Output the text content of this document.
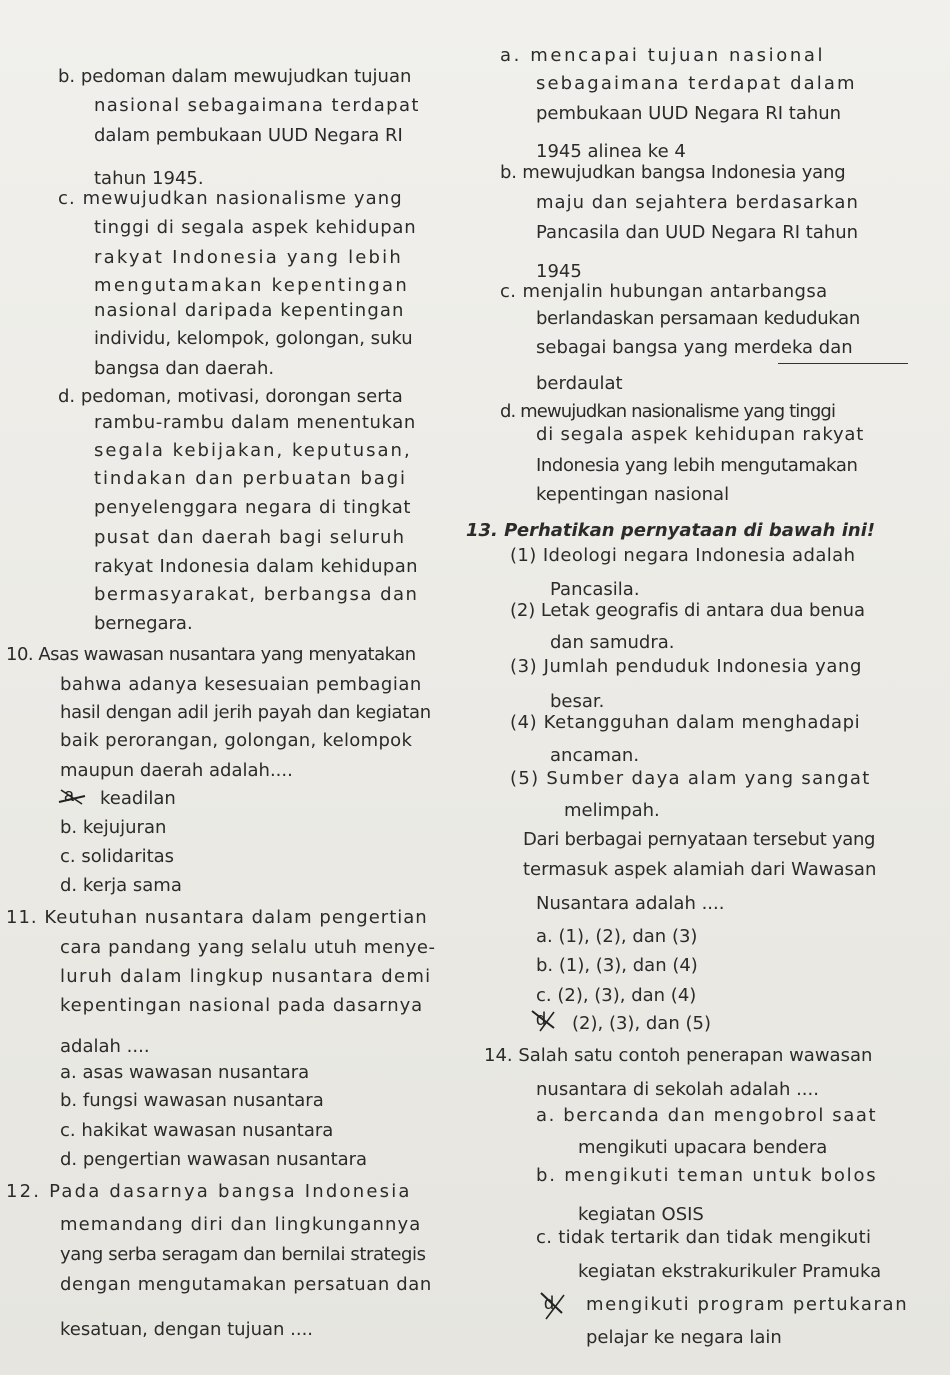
b. pedoman dalam mewujudkan tujuan
nasional sebagaimana terdapat
dalam pembukaan UUD Negara RI
tahun 1945.
c. mewujudkan nasionalisme yang
tinggi di segala aspek kehidupan
rakyat Indonesia yang lebih
mengutamakan kepentingan
nasional daripada kepentingan
individu, kelompok, golongan, suku
bangsa dan daerah.
d. pedoman, motivasi, dorongan serta
rambu-rambu dalam menentukan
segala kebijakan, keputusan,
tindakan dan perbuatan bagi
penyelenggara negara di tingkat
pusat dan daerah bagi seluruh
rakyat Indonesia dalam kehidupan
bermasyarakat, berbangsa dan
bernegara.
10. Asas wawasan nusantara yang menyatakan
bahwa adanya kesesuaian pembagian
hasil dengan adil jerih payah dan kegiatan
baik perorangan, golongan, kelompok
maupun daerah adalah....
a keadilan
b. kejujuran
c. solidaritas
d. kerja sama
11. Keutuhan nusantara dalam pengertian
cara pandang yang selalu utuh menye-
luruh dalam lingkup nusantara demi
kepentingan nasional pada dasarnya
adalah ....
a. asas wawasan nusantara
b. fungsi wawasan nusantara
c. hakikat wawasan nusantara
d. pengertian wawasan nusantara
12. Pada dasarnya bangsa Indonesia
memandang diri dan lingkungannya
yang serba seragam dan bernilai strategis
dengan mengutamakan persatuan dan
kesatuan, dengan tujuan ....
a. mencapai tujuan nasional
sebagaimana terdapat dalam
pembukaan UUD Negara RI tahun
1945 alinea ke 4
b. mewujudkan bangsa Indonesia yang
maju dan sejahtera berdasarkan
Pancasila dan UUD Negara RI tahun
1945
c. menjalin hubungan antarbangsa
berlandaskan persamaan kedudukan
sebagai bangsa yang merdeka dan
berdaulat
d. mewujudkan nasionalisme yang tinggi
di segala aspek kehidupan rakyat
Indonesia yang lebih mengutamakan
kepentingan nasional
13. Perhatikan pernyataan di bawah ini!
(1) Ideologi negara Indonesia adalah
Pancasila.
(2) Letak geografis di antara dua benua
dan samudra.
(3) Jumlah penduduk Indonesia yang
besar.
(4) Ketangguhan dalam menghadapi
ancaman.
(5) Sumber daya alam yang sangat
melimpah.
Dari berbagai pernyataan tersebut yang
termasuk aspek alamiah dari Wawasan
Nusantara adalah ....
a. (1), (2), dan (3)
b. (1), (3), dan (4)
c. (2), (3), dan (4)
d (2), (3), dan (5)
14. Salah satu contoh penerapan wawasan
nusantara di sekolah adalah ....
a. bercanda dan mengobrol saat
mengikuti upacara bendera
b. mengikuti teman untuk bolos
kegiatan OSIS
c. tidak tertarik dan tidak mengikuti
kegiatan ekstrakurikuler Pramuka
d mengikuti program pertukaran
pelajar ke negara lain
